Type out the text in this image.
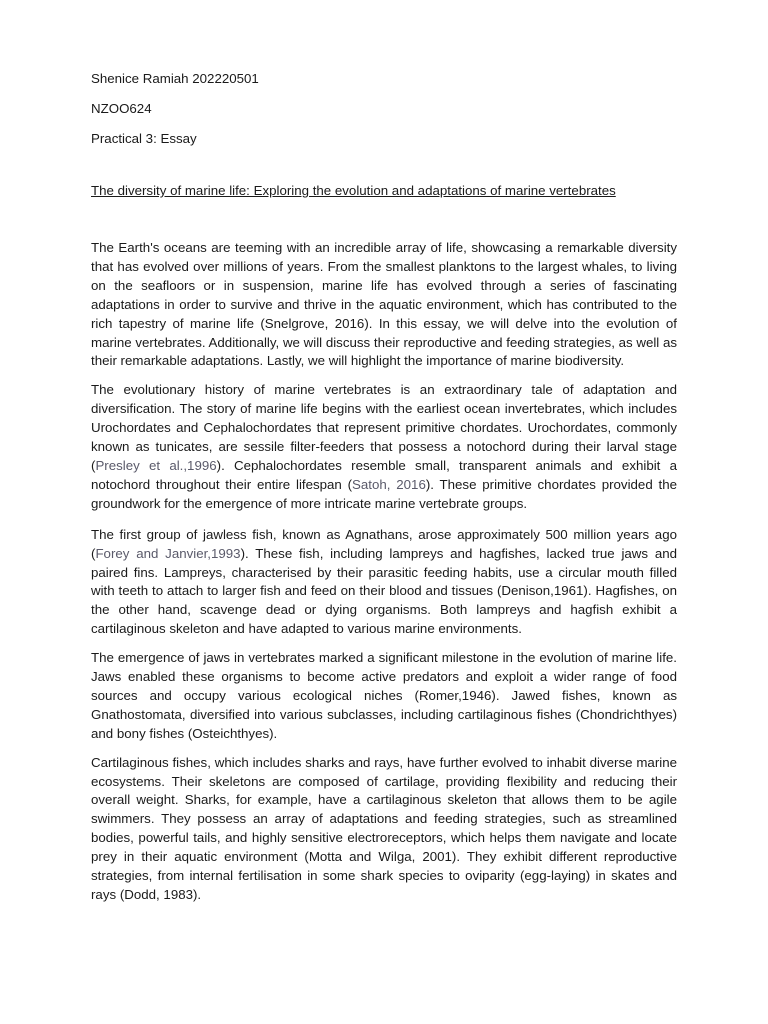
Shenice Ramiah 202220501
NZOO624
Practical 3: Essay
The diversity of marine life: Exploring the evolution and adaptations of marine vertebrates

The Earth's oceans are teeming with an incredible array of life, showcasing a remarkable diversity that has evolved over millions of years. From the smallest planktons to the largest whales, to living on the seafloors or in suspension, marine life has evolved through a series of fascinating adaptations in order to survive and thrive in the aquatic environment, which has contributed to the rich tapestry of marine life (Snelgrove, 2016). In this essay, we will delve into the evolution of marine vertebrates. Additionally, we will discuss their reproductive and feeding strategies, as well as their remarkable adaptations. Lastly, we will highlight the importance of marine biodiversity.

The evolutionary history of marine vertebrates is an extraordinary tale of adaptation and diversification. The story of marine life begins with the earliest ocean invertebrates, which includes Urochordates and Cephalochordates that represent primitive chordates. Urochordates, commonly known as tunicates, are sessile filter-feeders that possess a notochord during their larval stage (Presley et al.,1996). Cephalochordates resemble small, transparent animals and exhibit a notochord throughout their entire lifespan (Satoh, 2016). These primitive chordates provided the groundwork for the emergence of more intricate marine vertebrate groups.

The first group of jawless fish, known as Agnathans, arose approximately 500 million years ago (Forey and Janvier,1993). These fish, including lampreys and hagfishes, lacked true jaws and paired fins. Lampreys, characterised by their parasitic feeding habits, use a circular mouth filled with teeth to attach to larger fish and feed on their blood and tissues (Denison,1961). Hagfishes, on the other hand, scavenge dead or dying organisms. Both lampreys and hagfish exhibit a cartilaginous skeleton and have adapted to various marine environments.

The emergence of jaws in vertebrates marked a significant milestone in the evolution of marine life. Jaws enabled these organisms to become active predators and exploit a wider range of food sources and occupy various ecological niches (Romer,1946). Jawed fishes, known as Gnathostomata, diversified into various subclasses, including cartilaginous fishes (Chondrichthyes) and bony fishes (Osteichthyes).

Cartilaginous fishes, which includes sharks and rays, have further evolved to inhabit diverse marine ecosystems. Their skeletons are composed of cartilage, providing flexibility and reducing their overall weight. Sharks, for example, have a cartilaginous skeleton that allows them to be agile swimmers. They possess an array of adaptations and feeding strategies, such as streamlined bodies, powerful tails, and highly sensitive electroreceptors, which helps them navigate and locate prey in their aquatic environment (Motta and Wilga, 2001). They exhibit different reproductive strategies, from internal fertilisation in some shark species to oviparity (egg-laying) in skates and rays (Dodd, 1983).
